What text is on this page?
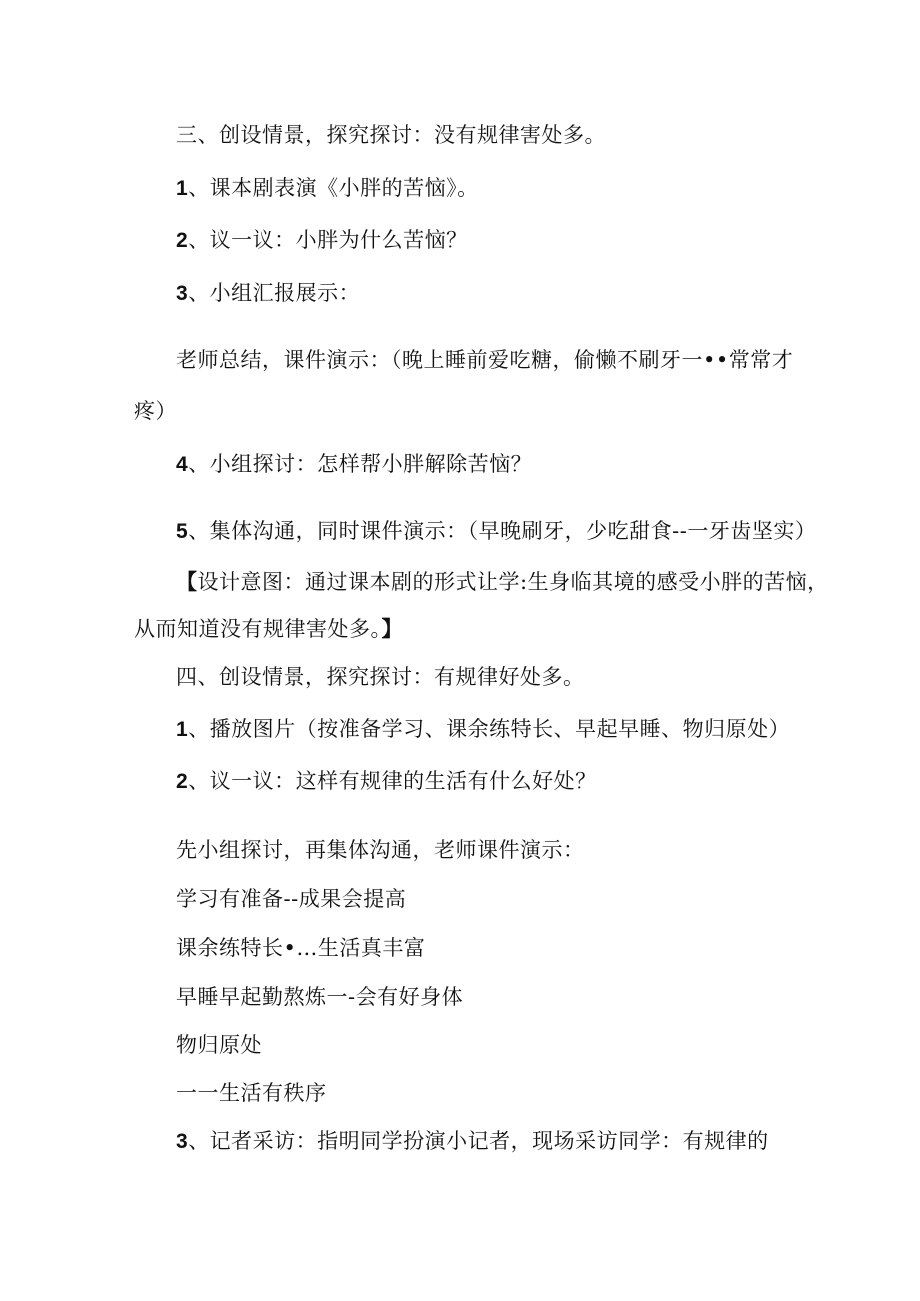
三、创设情景，探究探讨：没有规律害处多。
1、课本剧表演《小胖的苦恼》。
2、议一议：小胖为什么苦恼？
3、小组汇报展示：
老师总结，课件演示：（晚上睡前爱吃糖，偷懒不刷牙一••常常才
疼）
4、小组探讨：怎样帮小胖解除苦恼？
5、集体沟通，同时课件演示：（早晚刷牙，少吃甜食--一牙齿坚实）
【设计意图：通过课本剧的形式让学:生身临其境的感受小胖的苦恼，
从而知道没有规律害处多。】
四、创设情景，探究探讨：有规律好处多。
1、播放图片（按准备学习、课余练特长、早起早睡、物归原处）
2、议一议：这样有规律的生活有什么好处？
先小组探讨，再集体沟通，老师课件演示：
学习有准备--成果会提高
课余练特长•…生活真丰富
早睡早起勤熬炼一-会有好身体
物归原处
一一生活有秩序
3、记者采访：指明同学扮演小记者，现场采访同学：有规律的
